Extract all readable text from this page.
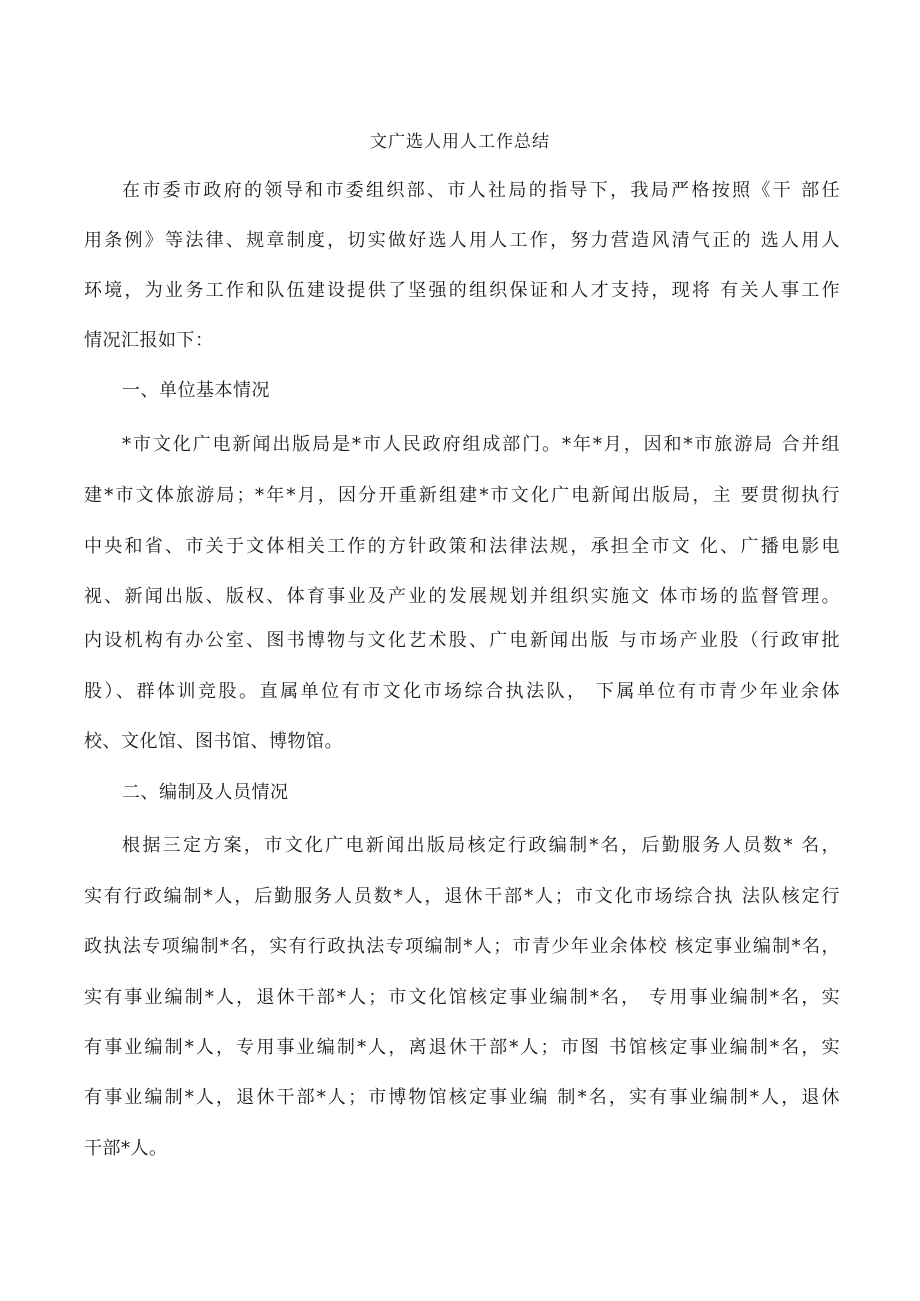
文广选人用人工作总结
在市委市政府的领导和市委组织部、市人社局的指导下，我局严格按照《干 部任
用条例》等法律、规章制度，切实做好选人用人工作，努力营造风清气正的 选人用人
环境，为业务工作和队伍建设提供了坚强的组织保证和人才支持，现将 有关人事工作
情况汇报如下：
一、单位基本情况
*市文化广电新闻出版局是*市人民政府组成部门。*年*月，因和*市旅游局 合并组
建*市文体旅游局；*年*月，因分开重新组建*市文化广电新闻出版局，主 要贯彻执行
中央和省、市关于文体相关工作的方针政策和法律法规，承担全市文 化、广播电影电
视、新闻出版、版权、体育事业及产业的发展规划并组织实施文 体市场的监督管理。
内设机构有办公室、图书博物与文化艺术股、广电新闻出版 与市场产业股（行政审批
股）、群体训竞股。直属单位有市文化市场综合执法队， 下属单位有市青少年业余体
校、文化馆、图书馆、博物馆。
二、编制及人员情况
根据三定方案，市文化广电新闻出版局核定行政编制*名，后勤服务人员数* 名，
实有行政编制*人，后勤服务人员数*人，退休干部*人；市文化市场综合执 法队核定行
政执法专项编制*名，实有行政执法专项编制*人；市青少年业余体校 核定事业编制*名，
实有事业编制*人，退休干部*人；市文化馆核定事业编制*名， 专用事业编制*名，实
有事业编制*人，专用事业编制*人，离退休干部*人；市图 书馆核定事业编制*名，实
有事业编制*人，退休干部*人；市博物馆核定事业编 制*名，实有事业编制*人，退休
干部*人。
